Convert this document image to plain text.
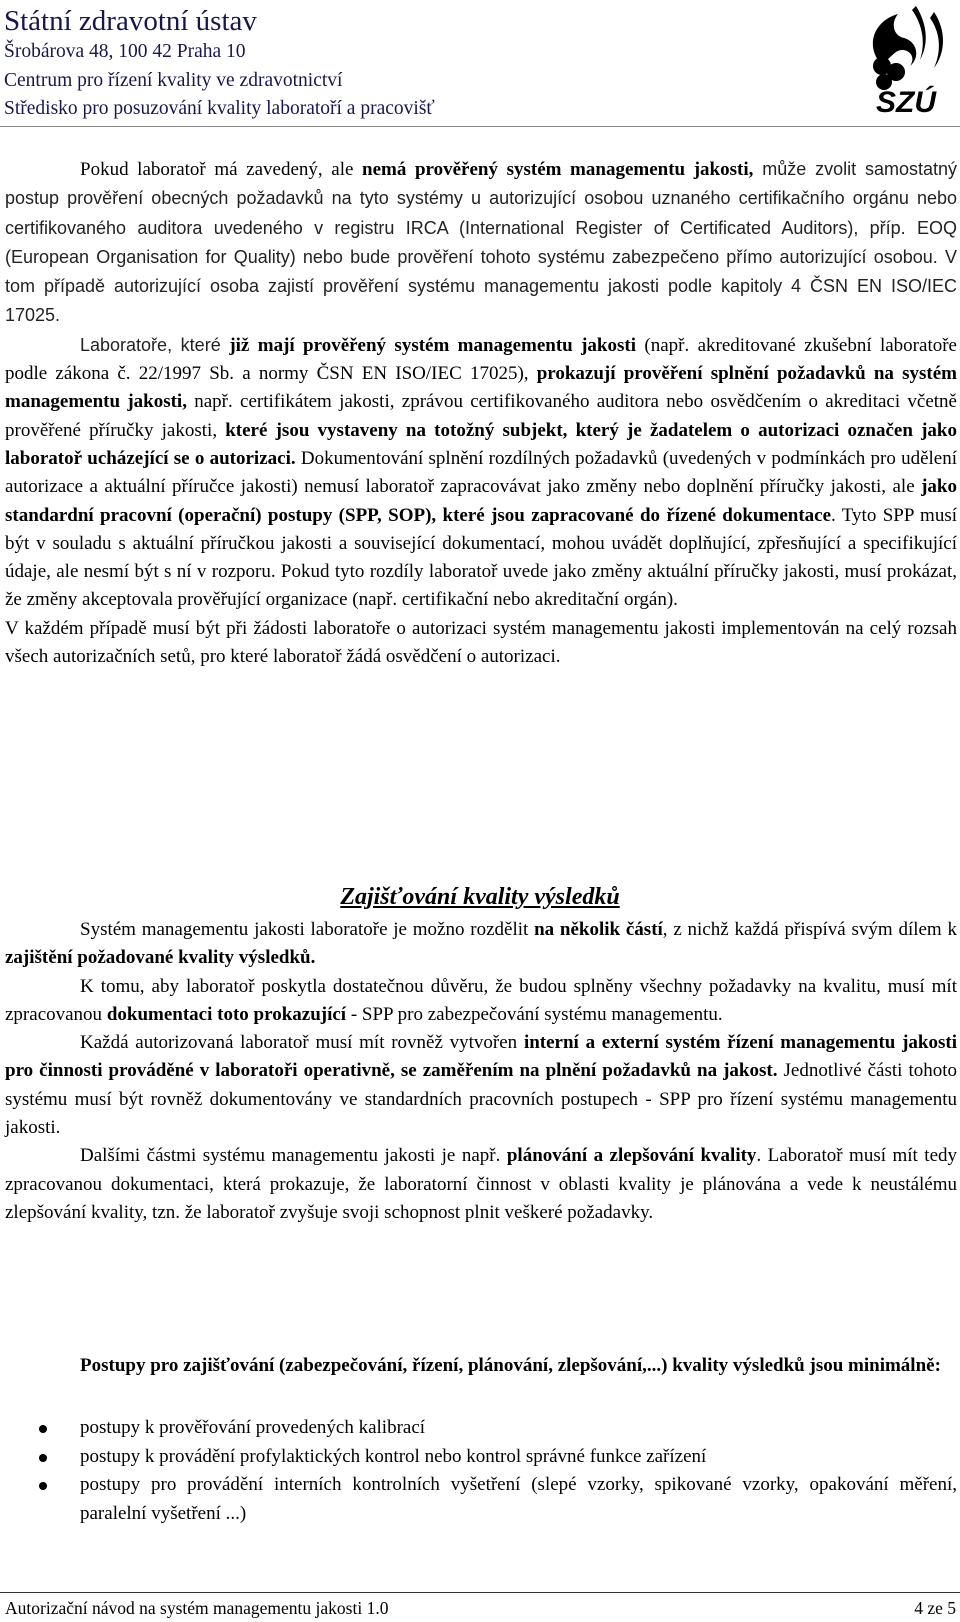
Státní zdravotní ústav
Šrobárova 48, 100 42 Praha 10
Centrum pro řízení kvality ve zdravotnictví
Středisko pro posuzování kvality laboratoří a pracovišť	SZÚ

Pokud laboratoř má zavedený, ale nemá prověřený systém managementu jakosti, může zvolit samostatný postup prověření obecných požadavků na tyto systémy u autorizující osobou uznaného certifikačního orgánu nebo certifikovaného auditora uvedeného v registru IRCA (International Register of Certificated Auditors), příp. EOQ (European Organisation for Quality) nebo bude prověření tohoto systému zabezpečeno přímo autorizující osobou. V tom případě autorizující osoba zajistí prověření systému managementu jakosti podle kapitoly 4 ČSN EN ISO/IEC 17025.

Laboratoře, které již mají prověřený systém managementu jakosti (např. akreditované zkušební laboratoře podle zákona č. 22/1997 Sb. a normy ČSN EN ISO/IEC 17025), prokazují prověření splnění požadavků na systém managementu jakosti, např. certifikátem jakosti, zprávou certifikovaného auditora nebo osvědčením o akreditaci včetně prověřené příručky jakosti, které jsou vystaveny na totožný subjekt, který je žadatelem o autorizaci označen jako laboratoř ucházející se o autorizaci. Dokumentování splnění rozdílných požadavků (uvedených v podmínkách pro udělení autorizace a aktuální příručce jakosti) nemusí laboratoř zapracovávat jako změny nebo doplnění příručky jakosti, ale jako standardní pracovní (operační) postupy (SPP, SOP), které jsou zapracované do řízené dokumentace. Tyto SPP musí být v souladu s aktuální příručkou jakosti a související dokumentací, mohou uvádět doplňující, zpřesňující a specifikující údaje, ale nesmí být s ní v rozporu. Pokud tyto rozdíly laboratoř uvede jako změny aktuální příručky jakosti, musí prokázat, že změny akceptovala prověřující organizace (např. certifikační nebo akreditační orgán).

V každém případě musí být při žádosti laboratoře o autorizaci systém managementu jakosti implementován na celý rozsah všech autorizačních setů, pro které laboratoř žádá osvědčení o autorizaci.

Zajišťování kvality výsledků

Systém managementu jakosti laboratoře je možno rozdělit na několik částí, z nichž každá přispívá svým dílem k zajištění požadované kvality výsledků.

K tomu, aby laboratoř poskytla dostatečnou důvěru, že budou splněny všechny požadavky na kvalitu, musí mít zpracovanou dokumentaci toto prokazující - SPP pro zabezpečování systému managementu.

Každá autorizovaná laboratoř musí mít rovněž vytvořen interní a externí systém řízení managementu jakosti pro činnosti prováděné v laboratoři operativně, se zaměřením na plnění požadavků na jakost. Jednotlivé části tohoto systému musí být rovněž dokumentovány ve standardních pracovních postupech - SPP pro řízení systému managementu jakosti.

Dalšími částmi systému managementu jakosti je např. plánování a zlepšování kvality. Laboratoř musí mít tedy zpracovanou dokumentaci, která prokazuje, že laboratorní činnost v oblasti kvality je plánována a vede k neustálému zlepšování kvality, tzn. že laboratoř zvyšuje svoji schopnost plnit veškeré požadavky.

Postupy pro zajišťování (zabezpečování, řízení, plánování, zlepšování,...) kvality výsledků jsou minimálně:

postupy k prověřování provedených kalibrací
postupy k provádění profylaktických kontrol nebo kontrol správné funkce zařízení
postupy pro provádění interních kontrolních vyšetření (slepé vzorky, spikované vzorky, opakování měření, paralelní vyšetření ...)
Autorizační návod na systém managementu jakosti 1.0	4 ze 5
